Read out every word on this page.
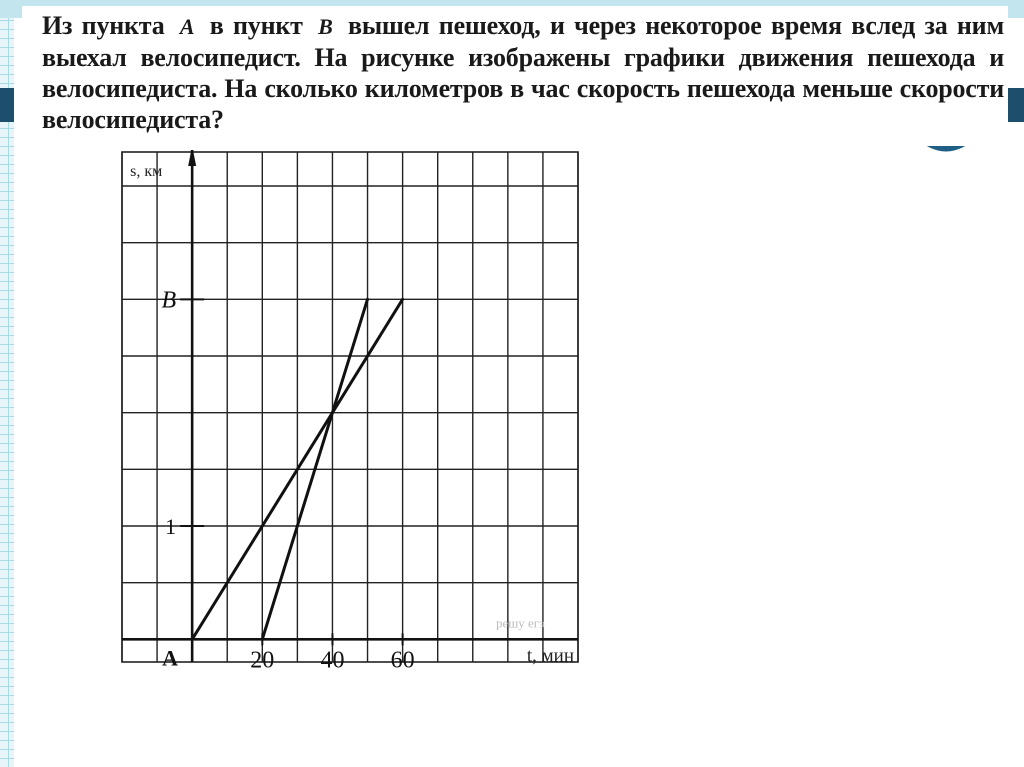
Из пункта A в пункт B вышел пешеход, и через некоторое время вслед за ним выехал велосипедист. На рисунке изображены графики движения пешехода и велосипедиста. На сколько километров в час скорость пешехода меньше скорости велосипедиста?
s, км
t, мин
A
решу егэ
1
B
20 40 60
